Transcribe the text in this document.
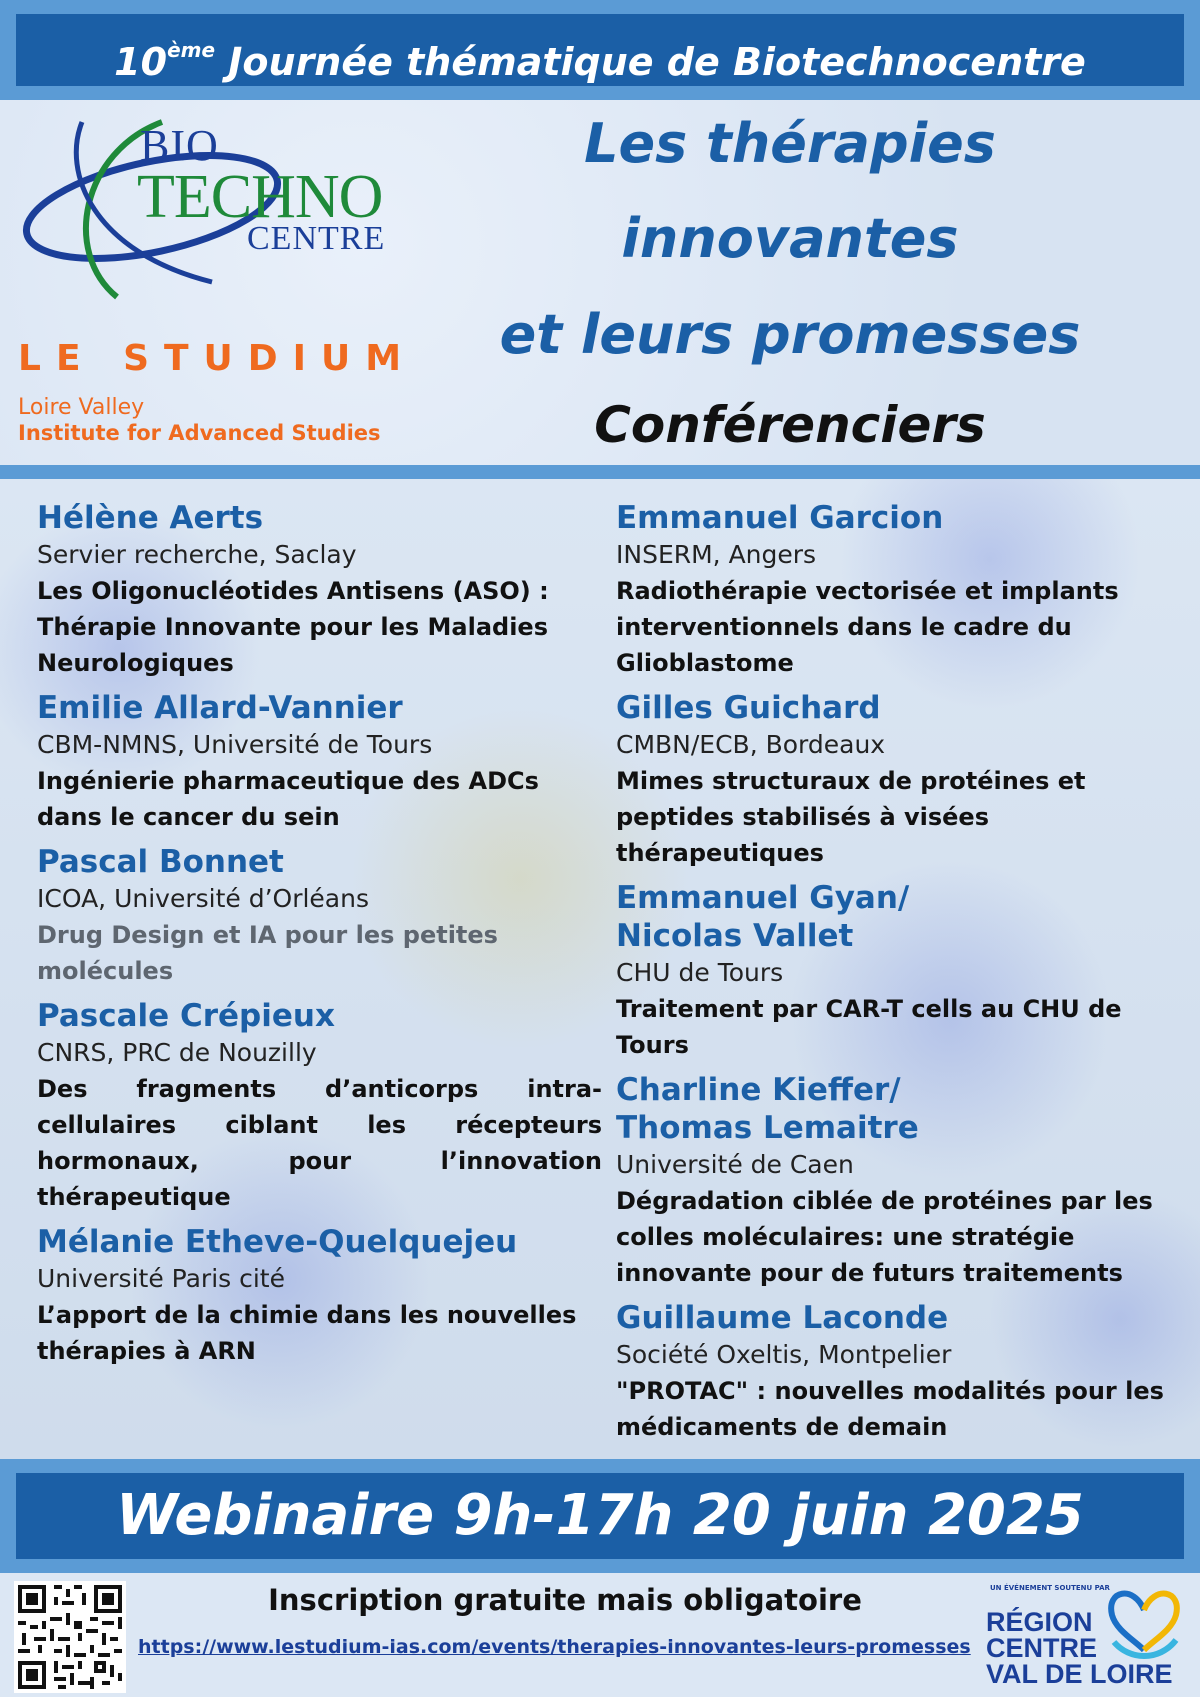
10ème Journée thématique de Biotechnocentre
BIO
TECHNO
CENTRE
LE STUDIUM
Loire Valley
Institute for Advanced Studies
Les thérapies
innovantes
et leurs promesses
Conférenciers
Hélène Aerts
Servier recherche, Saclay
Les Oligonucléotides Antisens (ASO) : Thérapie Innovante pour les Maladies Neurologiques
Emilie Allard-Vannier
CBM-NMNS, Université de Tours
Ingénierie pharmaceutique des ADCs dans le cancer du sein
Pascal Bonnet
ICOA, Université d’Orléans
Drug Design et IA pour les petites molécules
Pascale Crépieux
CNRS, PRC de Nouzilly
Des fragments d’anticorps intra-cellulaires ciblant les récepteurs hormonaux, pour l’innovation thérapeutique
Mélanie Etheve-Quelquejeu
Université Paris cité
L’apport de la chimie dans les nouvelles thérapies à ARN
Emmanuel Garcion
INSERM, Angers
Radiothérapie vectorisée et implants interventionnels dans le cadre du Glioblastome
Gilles Guichard
CMBN/ECB, Bordeaux
Mimes structuraux de protéines et peptides stabilisés à visées thérapeutiques
Emmanuel Gyan/
Nicolas Vallet
CHU de Tours
Traitement par CAR-T cells au CHU de Tours
Charline Kieffer/
Thomas Lemaitre
Université de Caen
Dégradation ciblée de protéines par les colles moléculaires: une stratégie innovante pour de futurs traitements
Guillaume Laconde
Société Oxeltis, Montpelier
"PROTAC" : nouvelles modalités pour les médicaments de demain
Webinaire 9h-17h 20 juin 2025
Inscription gratuite mais obligatoire
https://www.lestudium-ias.com/events/therapies-innovantes-leurs-promesses
UN ÉVÉNEMENT SOUTENU PAR
RÉGION
CENTRE
VAL DE LOIRE
